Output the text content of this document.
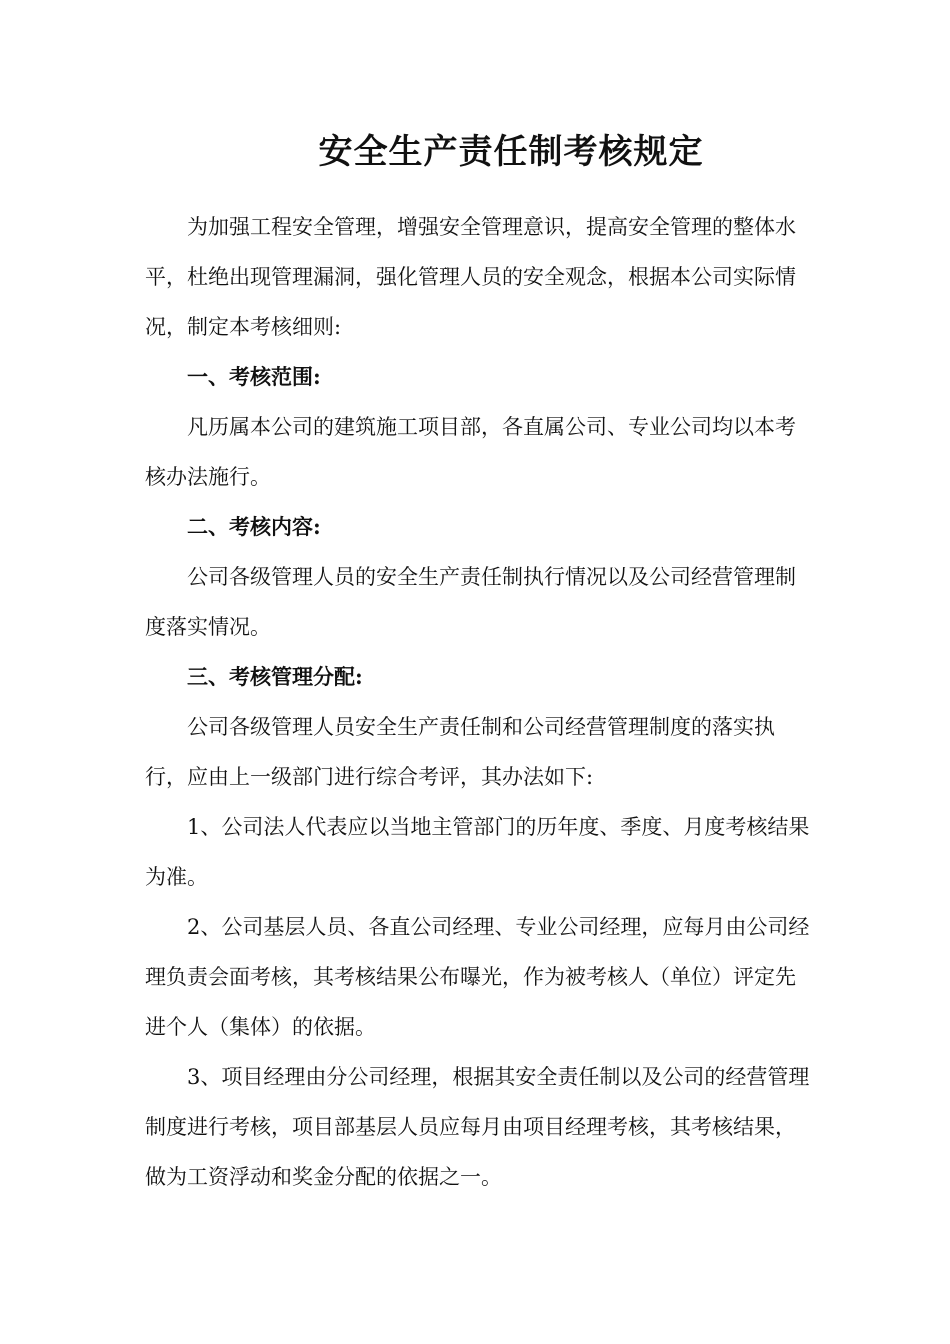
安全生产责任制考核规定

为加强工程安全管理，增强安全管理意识，提高安全管理的整体水平，杜绝出现管理漏洞，强化管理人员的安全观念，根据本公司实际情况，制定本考核细则:

一、考核范围:

凡历属本公司的建筑施工项目部，各直属公司、专业公司均以本考核办法施行。

二、考核内容:

公司各级管理人员的安全生产责任制执行情况以及公司经营管理制度落实情况。

三、考核管理分配:

公司各级管理人员安全生产责任制和公司经营管理制度的落实执行，应由上一级部门进行综合考评，其办法如下:

1、公司法人代表应以当地主管部门的历年度、季度、月度考核结果为准。

2、公司基层人员、各直公司经理、专业公司经理，应每月由公司经理负责会面考核，其考核结果公布曝光，作为被考核人（单位）评定先进个人（集体）的依据。

3、项目经理由分公司经理，根据其安全责任制以及公司的经营管理制度进行考核，项目部基层人员应每月由项目经理考核，其考核结果，做为工资浮动和奖金分配的依据之一。
